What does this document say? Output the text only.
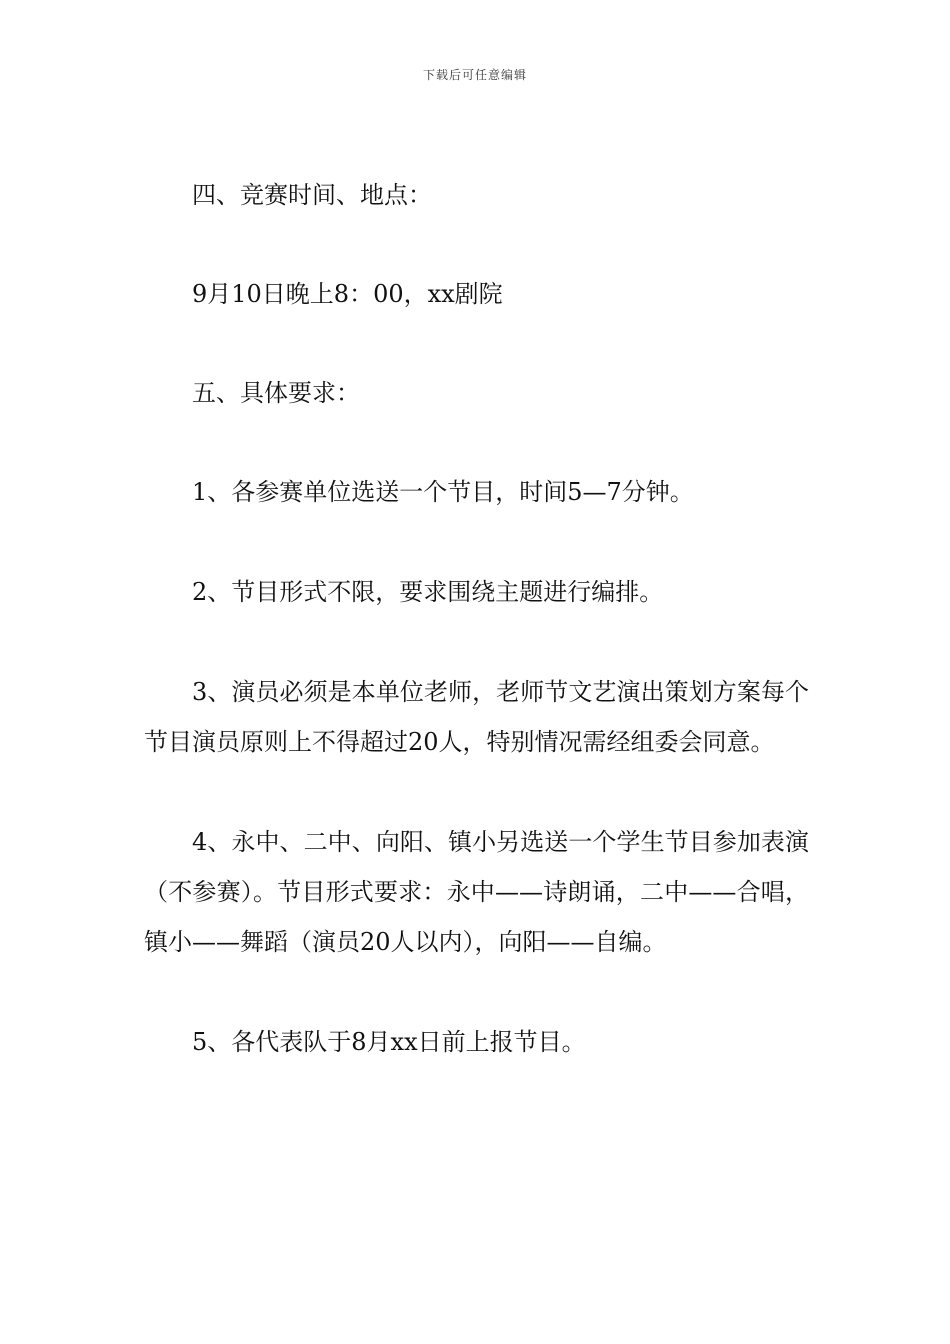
下载后可任意编辑

四、竞赛时间、地点：

9月10日晚上8：00，xx剧院

五、具体要求：

1、各参赛单位选送一个节目，时间5—7分钟。

2、节目形式不限，要求围绕主题进行编排。

3、演员必须是本单位老师，老师节文艺演出策划方案每个节目演员原则上不得超过20人，特别情况需经组委会同意。

4、永中、二中、向阳、镇小另选送一个学生节目参加表演（不参赛）。节目形式要求：永中——诗朗诵，二中——合唱，镇小——舞蹈（演员20人以内），向阳——自编。

5、各代表队于8月xx日前上报节目。
